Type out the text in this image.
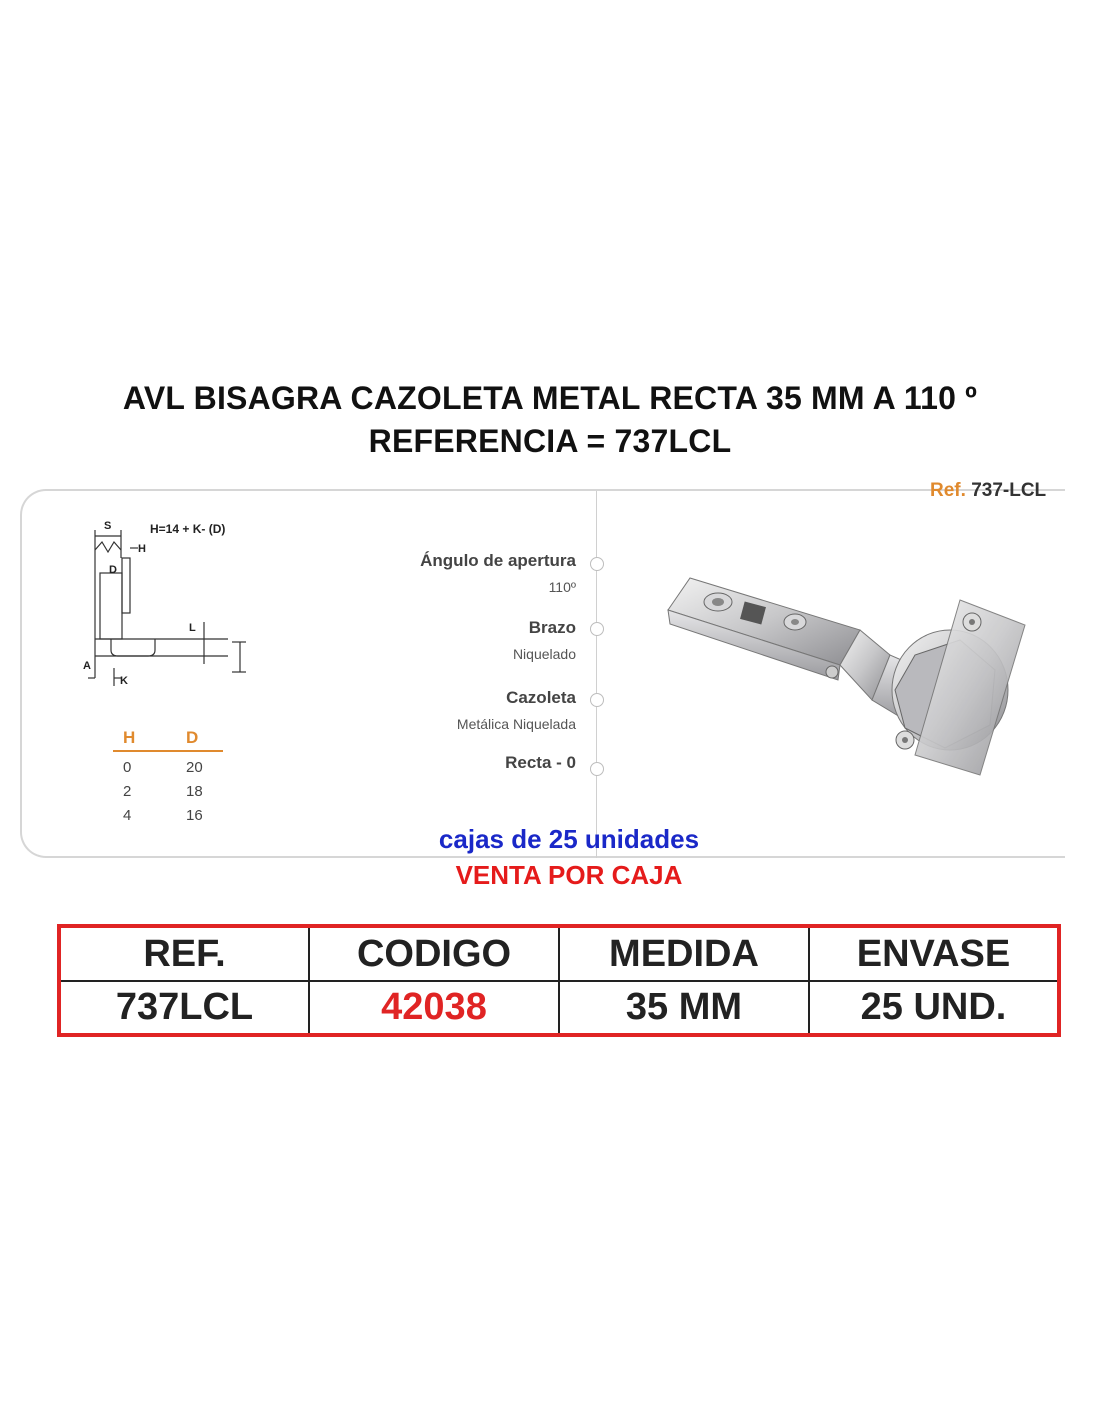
AVL BISAGRA CAZOLETA METAL RECTA 35 MM A 110 º
REFERENCIA = 737LCL
Ref. 737-LCL
S
H
D
L
A
K
H=14 + K- (D)
H	D
0	20
2	18
4	16
Ángulo de apertura
110º
Brazo
Niquelado
Cazoleta
Metálica Niquelada
Recta - 0
cajas de 25 unidades
VENTA POR CAJA
REF.	CODIGO	MEDIDA	ENVASE
737LCL	42038	35 MM	25 UND.
